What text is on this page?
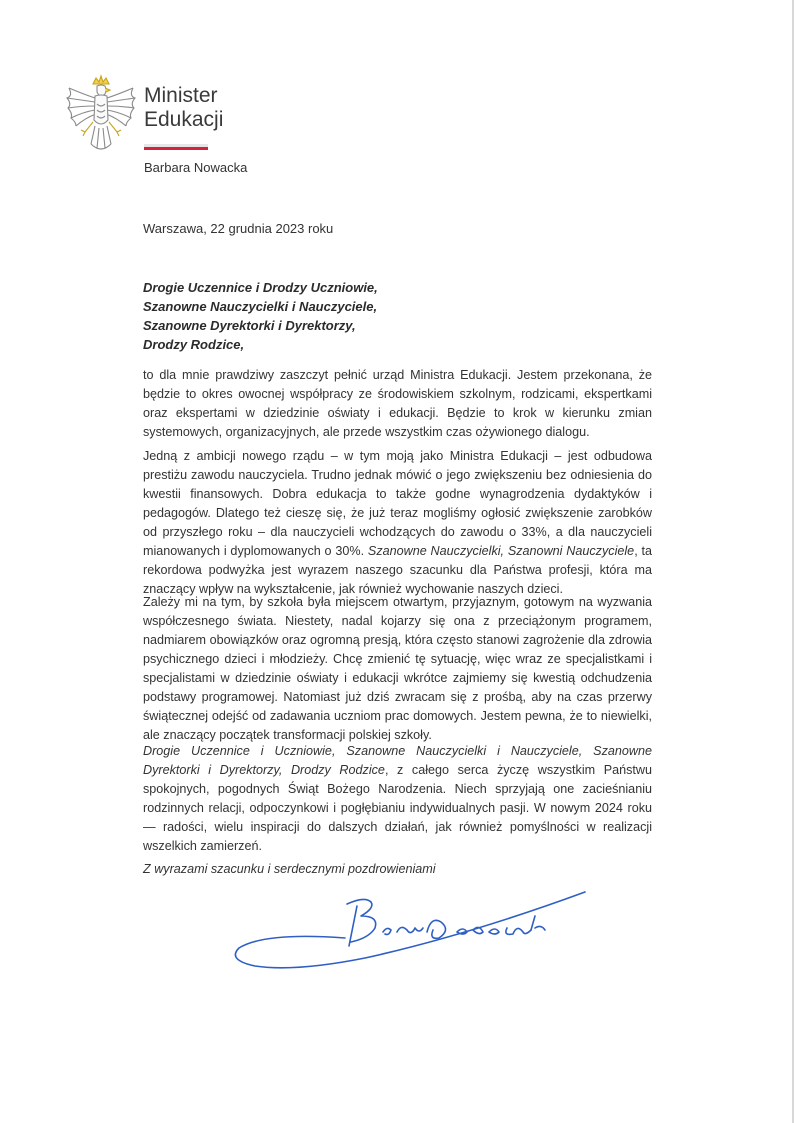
Minister
Edukacji
Barbara Nowacka
Warszawa, 22 grudnia 2023 roku
Drogie Uczennice i Drodzy Uczniowie,
Szanowne Nauczycielki i Nauczyciele,
Szanowne Dyrektorki i Dyrektorzy,
Drodzy Rodzice,

to dla mnie prawdziwy zaszczyt pełnić urząd Ministra Edukacji. Jestem przekonana, że będzie to okres owocnej współpracy ze środowiskiem szkolnym, rodzicami, ekspertkami oraz ekspertami w dziedzinie oświaty i edukacji. Będzie to krok w kierunku zmian systemowych, organizacyjnych, ale przede wszystkim czas ożywionego dialogu.

Jedną z ambicji nowego rządu – w tym moją jako Ministra Edukacji – jest odbudowa prestiżu zawodu nauczyciela. Trudno jednak mówić o jego zwiększeniu bez odniesienia do kwestii finansowych. Dobra edukacja to także godne wynagrodzenia dydaktyków i pedagogów. Dlatego też cieszę się, że już teraz mogliśmy ogłosić zwiększenie zarobków od przyszłego roku – dla nauczycieli wchodzących do zawodu o 33%, a dla nauczycieli mianowanych i dyplomowanych o 30%. Szanowne Nauczycielki, Szanowni Nauczyciele, ta rekordowa podwyżka jest wyrazem naszego szacunku dla Państwa profesji, która ma znaczący wpływ na wykształcenie, jak również wychowanie naszych dzieci.

Zależy mi na tym, by szkoła była miejscem otwartym, przyjaznym, gotowym na wyzwania współczesnego świata. Niestety, nadal kojarzy się ona z przeciążonym programem, nadmiarem obowiązków oraz ogromną presją, która często stanowi zagrożenie dla zdrowia psychicznego dzieci i młodzieży. Chcę zmienić tę sytuację, więc wraz ze specjalistkami i specjalistami w dziedzinie oświaty i edukacji wkrótce zajmiemy się kwestią odchudzenia podstawy programowej. Natomiast już dziś zwracam się z prośbą, aby na czas przerwy świątecznej odejść od zadawania uczniom prac domowych. Jestem pewna, że to niewielki, ale znaczący początek transformacji polskiej szkoły.

Drogie Uczennice i Uczniowie, Szanowne Nauczycielki i Nauczyciele, Szanowne Dyrektorki i Dyrektorzy, Drodzy Rodzice, z całego serca życzę wszystkim Państwu spokojnych, pogodnych Świąt Bożego Narodzenia. Niech sprzyjają one zacieśnianiu rodzinnych relacji, odpoczynkowi i pogłębianiu indywidualnych pasji. W nowym 2024 roku — radości, wielu inspiracji do dalszych działań, jak również pomyślności w realizacji wszelkich zamierzeń.

Z wyrazami szacunku i serdecznymi pozdrowieniami
